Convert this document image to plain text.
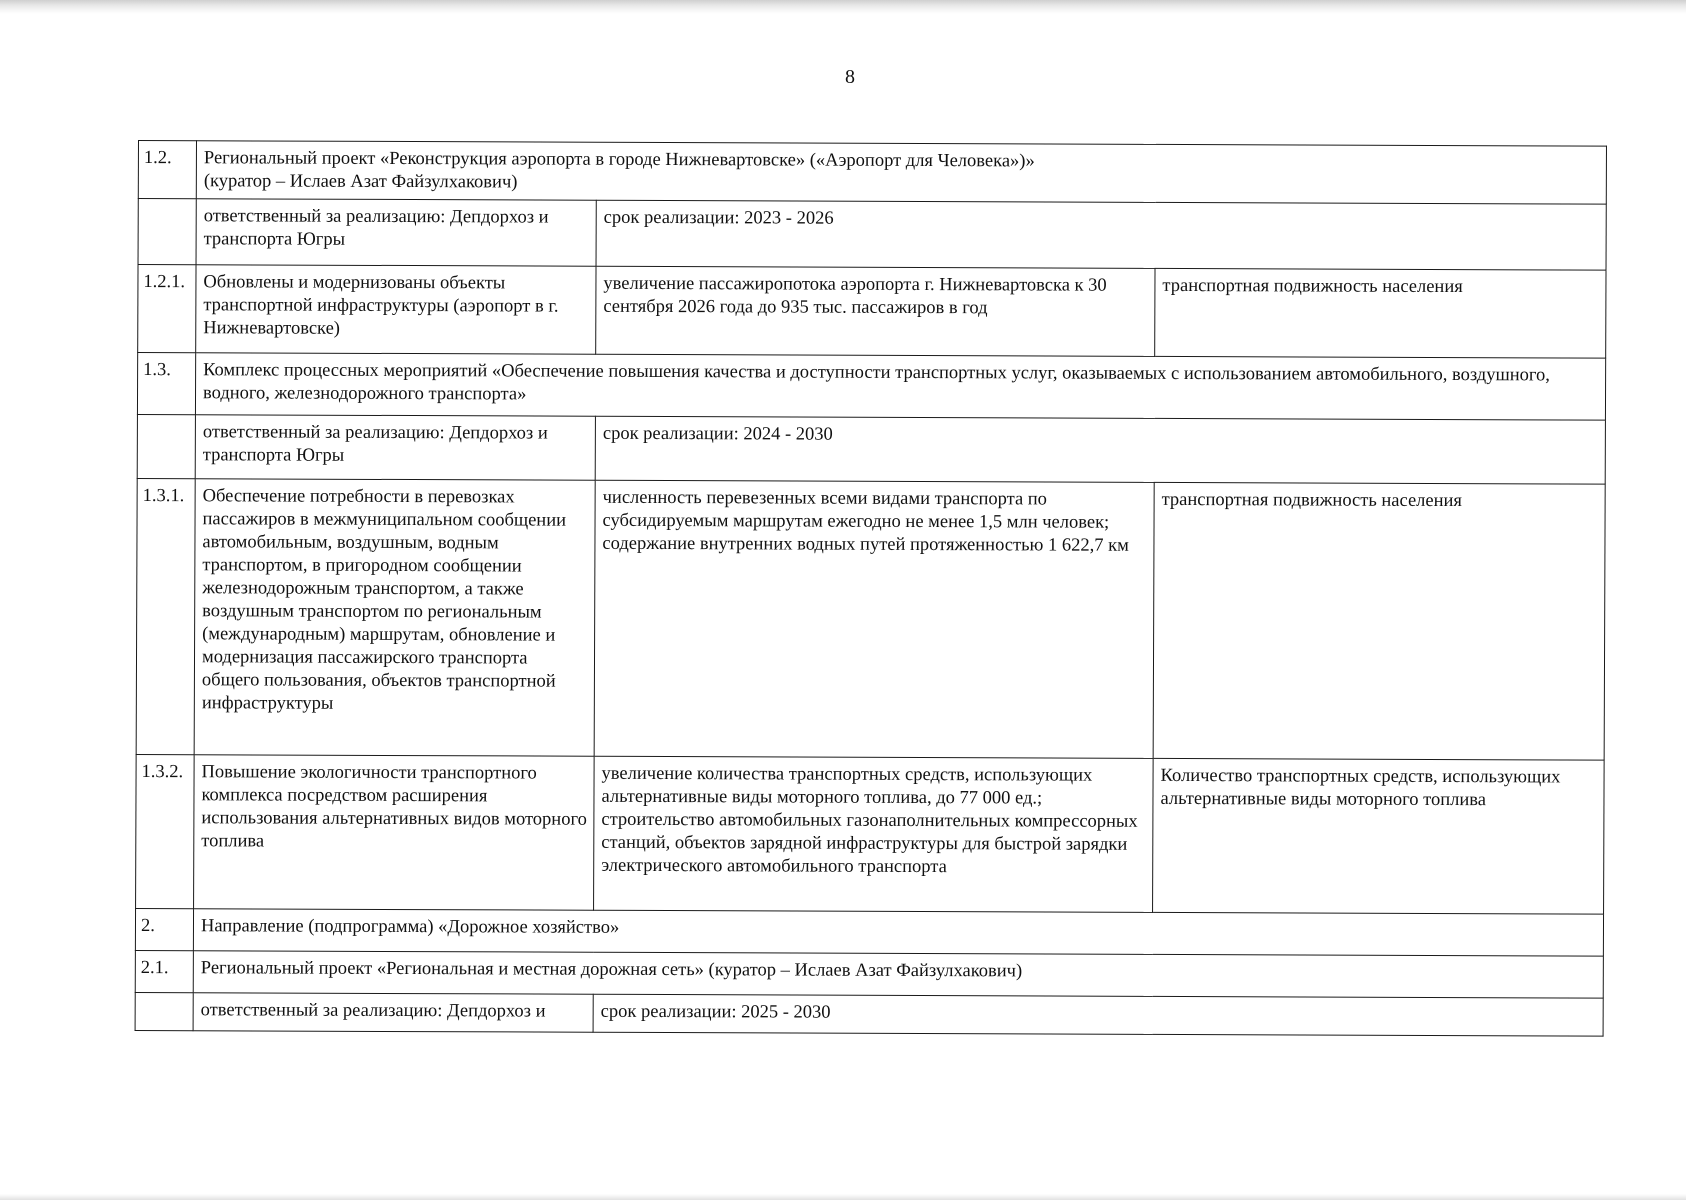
8
1.2.	Региональный проект «Реконструкция аэропорта в городе Нижневартовске» («Аэропорт для Человека»)»
(куратор – Ислаев Азат Файзулхакович)		

	ответственный за реализацию: Депдорхоз и транспорта Югры	срок реализации: 2023 - 2026	
1.2.1.	Обновлены и модернизованы объекты транспортной инфраструктуры (аэропорт в г. Нижневартовске)	увеличение пассажиропотока аэропорта г. Нижневартовска к 30 сентября 2026 года до 935 тыс. пассажиров в год	транспортная подвижность населения
1.3.	Комплекс процессных мероприятий «Обеспечение повышения качества и доступности транспортных услуг, оказываемых с использованием автомобильного, воздушного, водного, железнодорожного транспорта»		
	ответственный за реализацию: Депдорхоз и транспорта Югры	срок реализации: 2024 - 2030	
1.3.1.	Обеспечение потребности в перевозках пассажиров в межмуниципальном сообщении автомобильным, воздушным, водным транспортом, в пригородном сообщении железнодорожным транспортом, а также воздушным транспортом по региональным (международным) маршрутам, обновление и модернизация пассажирского транспорта общего пользования, объектов транспортной инфраструктуры	численность перевезенных всеми видами транспорта по субсидируемым маршрутам ежегодно не менее 1,5 млн человек;
содержание внутренних водных путей протяженностью 1 622,7 км	транспортная подвижность населения
1.3.2.	Повышение экологичности транспортного комплекса посредством расширения использования альтернативных видов моторного топлива	увеличение количества транспортных средств, использующих альтернативные виды моторного топлива, до 77 000 ед.;
строительство автомобильных газонаполнительных компрессорных станций, объектов зарядной инфраструктуры для быстрой зарядки электрического автомобильного транспорта	Количество транспортных средств, использующих альтернативные виды моторного топлива
2.	Направление (подпрограмма) «Дорожное хозяйство»		
2.1.	Региональный проект «Региональная и местная дорожная сеть» (куратор – Ислаев Азат Файзулхакович)		
	ответственный за реализацию: Депдорхоз и	срок реализации: 2025 - 2030	
